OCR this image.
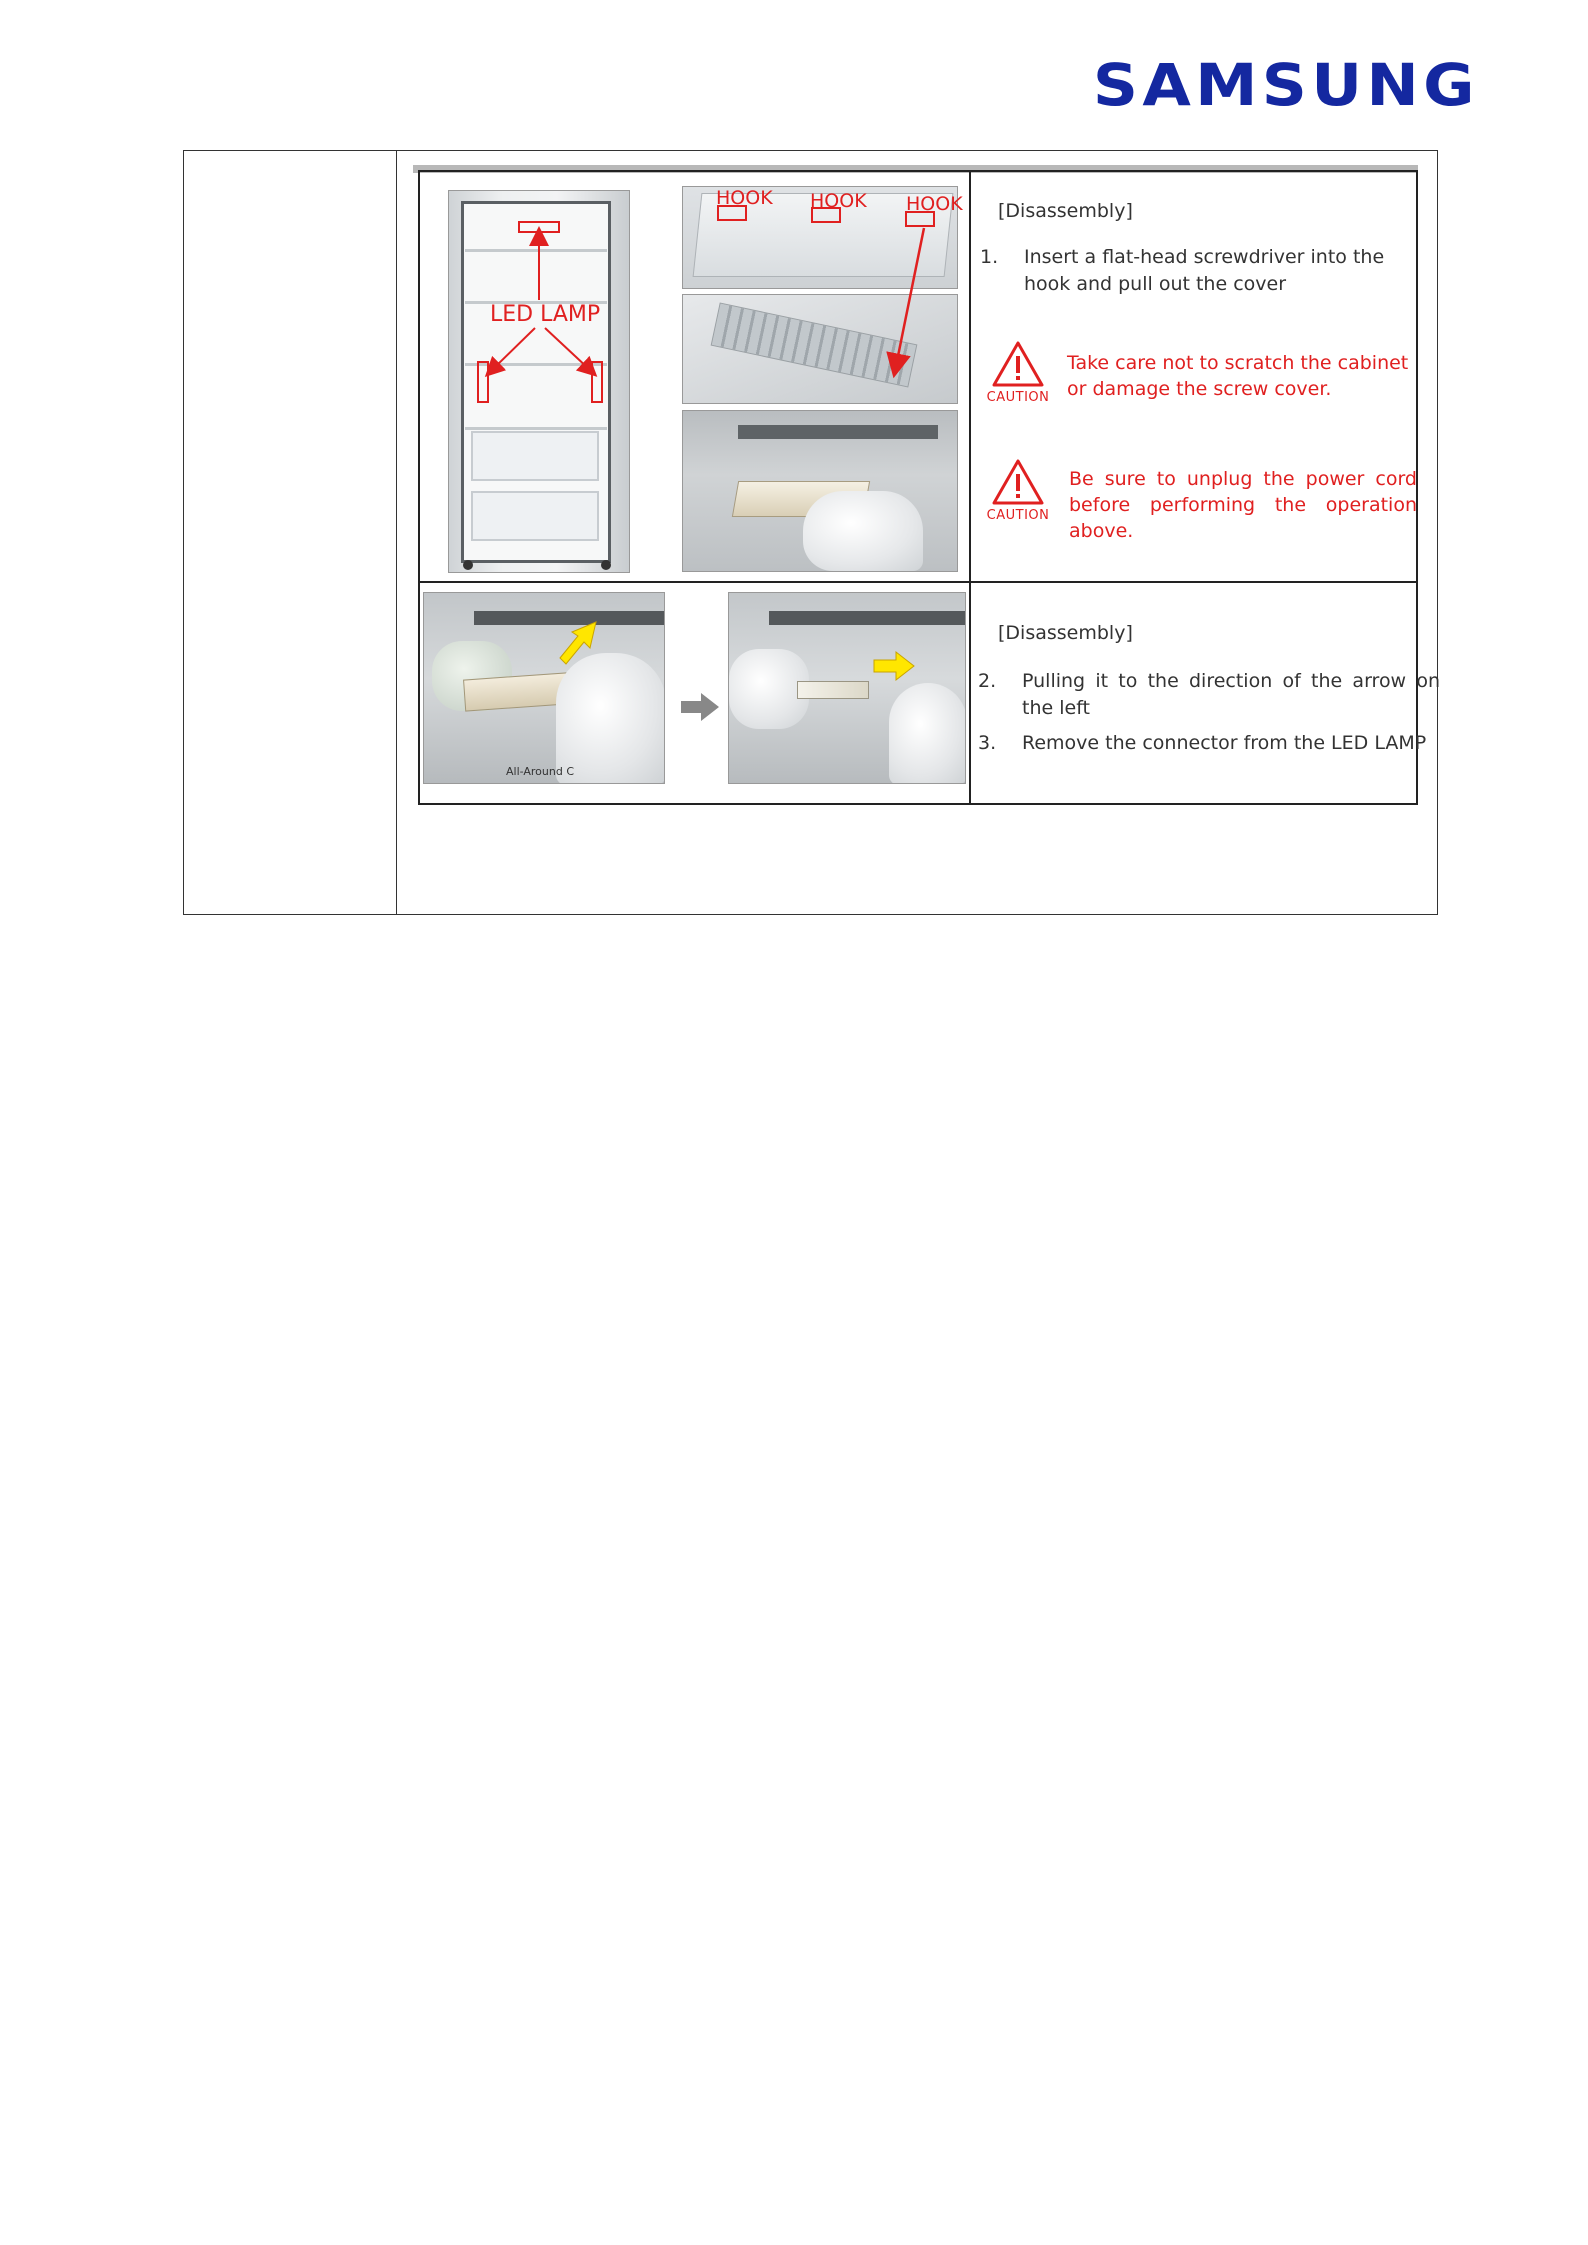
SAMSUNG
All-Around C
LED LAMP
HOOK HOOK HOOK [Disassembly]
1. Insert a flat-head screwdriver into the hook and pull out the cover
CAUTION
Take care not to scratch the cabinet or damage the screw cover.
CAUTION
Be sure to unplug the power cord before performing the operation above.
[Disassembly]
2. Pulling it to the direction of the arrow on the left
3. Remove the connector from the LED LAMP
